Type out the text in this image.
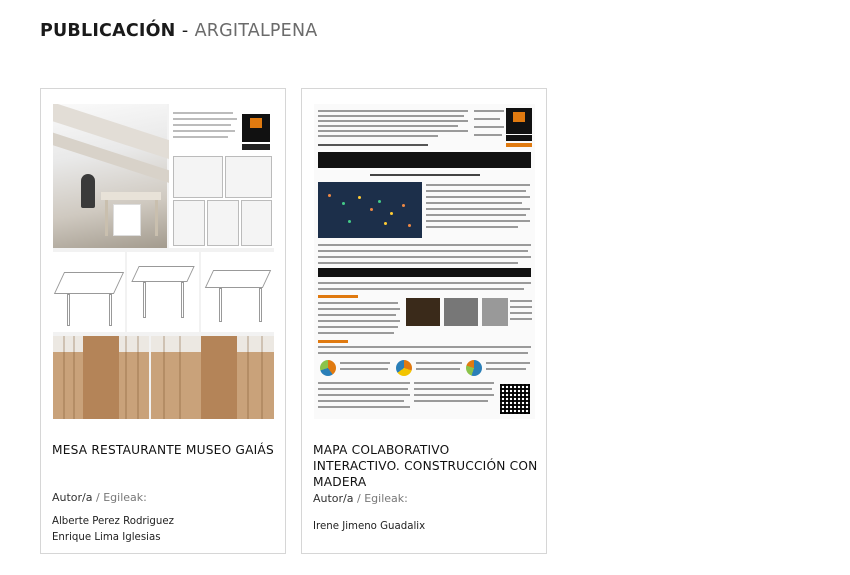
PUBLICACIÓN - ARGITALPENA
MESA RESTAURANTE MUSEO GAIÁS

Autor/a / Egileak:

Alberte Perez Rodriguez
Enrique Lima Iglesias
MAPA COLABORATIVO INTERACTIVO. CONSTRUCCIÓN CON MADERA

Autor/a / Egileak:

Irene Jimeno Guadalix
